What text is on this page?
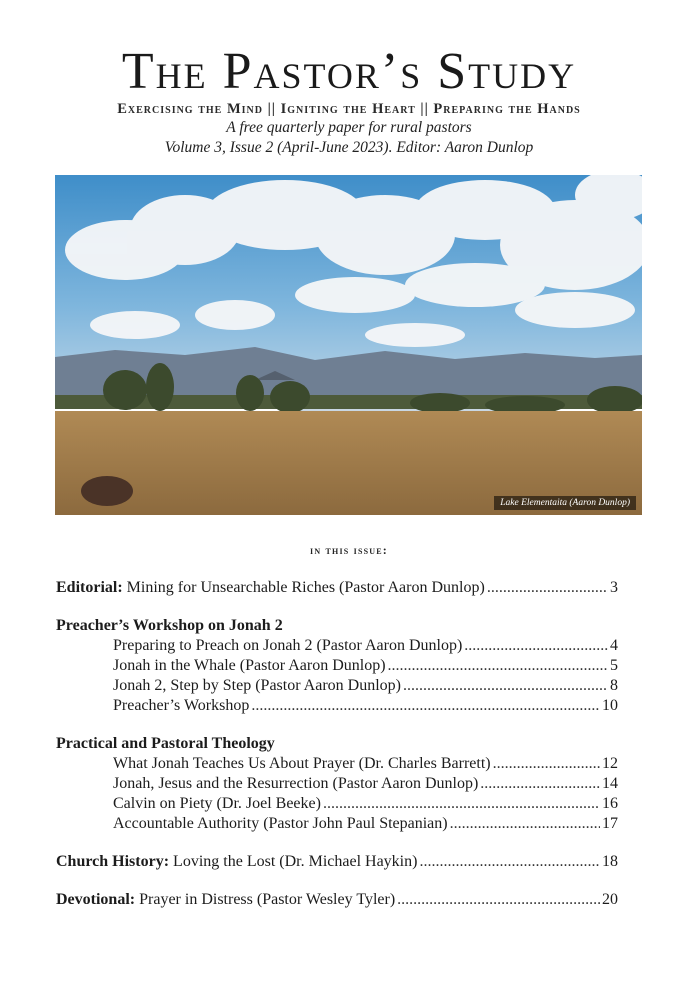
The Pastor’s Study
Exercising the Mind || Igniting the Heart || Preparing the Hands
A free quarterly paper for rural pastors
Volume 3, Issue 2 (April-June 2023). Editor: Aaron Dunlop
Lake Elementaita (Aaron Dunlop)
in this issue:
Editorial: Mining for Unsearchable Riches (Pastor Aaron Dunlop) . . .	3
Preacher’s Workshop on Jonah 2
Preparing to Preach on Jonah 2 (Pastor Aaron Dunlop) . . .	4
Jonah in the Whale (Pastor Aaron Dunlop) . . .	5
Jonah 2, Step by Step (Pastor Aaron Dunlop) . . .	8
Preacher’s Workshop . . .	10
Practical and Pastoral Theology
What Jonah Teaches Us About Prayer (Dr. Charles Barrett) . . .	12
Jonah, Jesus and the Resurrection (Pastor Aaron Dunlop) . . .	14
Calvin on Piety (Dr. Joel Beeke) . . .	16
Accountable Authority (Pastor John Paul Stepanian) . . .	17
Church History: Loving the Lost (Dr. Michael Haykin) . . .	18
Devotional: Prayer in Distress (Pastor Wesley Tyler) . . .	20
